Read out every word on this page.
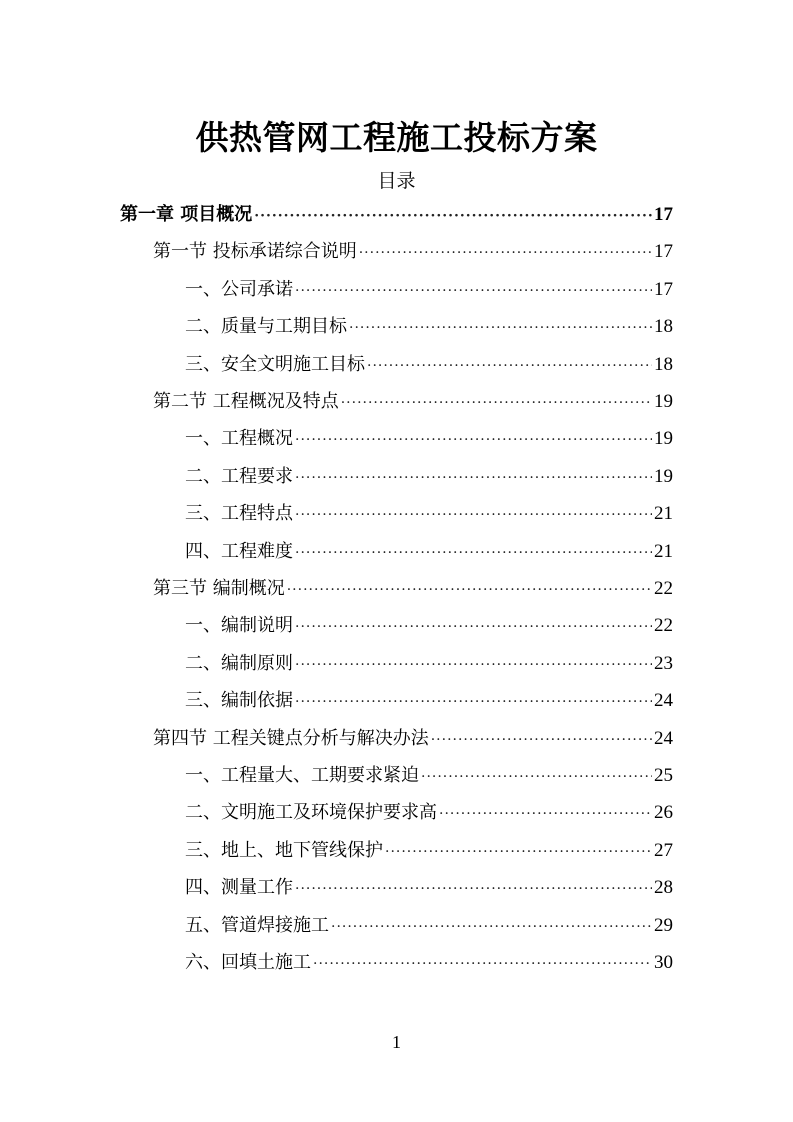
供热管网工程施工投标方案
目录
第一章 项目概况 ·····	17
第一节 投标承诺综合说明 ·····	17
一、公司承诺 ·····	17
二、质量与工期目标 ·····	18
三、安全文明施工目标 ·····	18
第二节 工程概况及特点 ·····	19
一、工程概况 ·····	19
二、工程要求 ·····	19
三、工程特点 ·····	21
四、工程难度 ·····	21
第三节 编制概况 ·····	22
一、编制说明 ·····	22
二、编制原则 ·····	23
三、编制依据 ·····	24
第四节 工程关键点分析与解决办法 ·····	24
一、工程量大、工期要求紧迫 ·····	25
二、文明施工及环境保护要求高 ·····	26
三、地上、地下管线保护 ·····	27
四、测量工作 ·····	28
五、管道焊接施工 ·····	29
六、回填土施工 ·····	30
1
